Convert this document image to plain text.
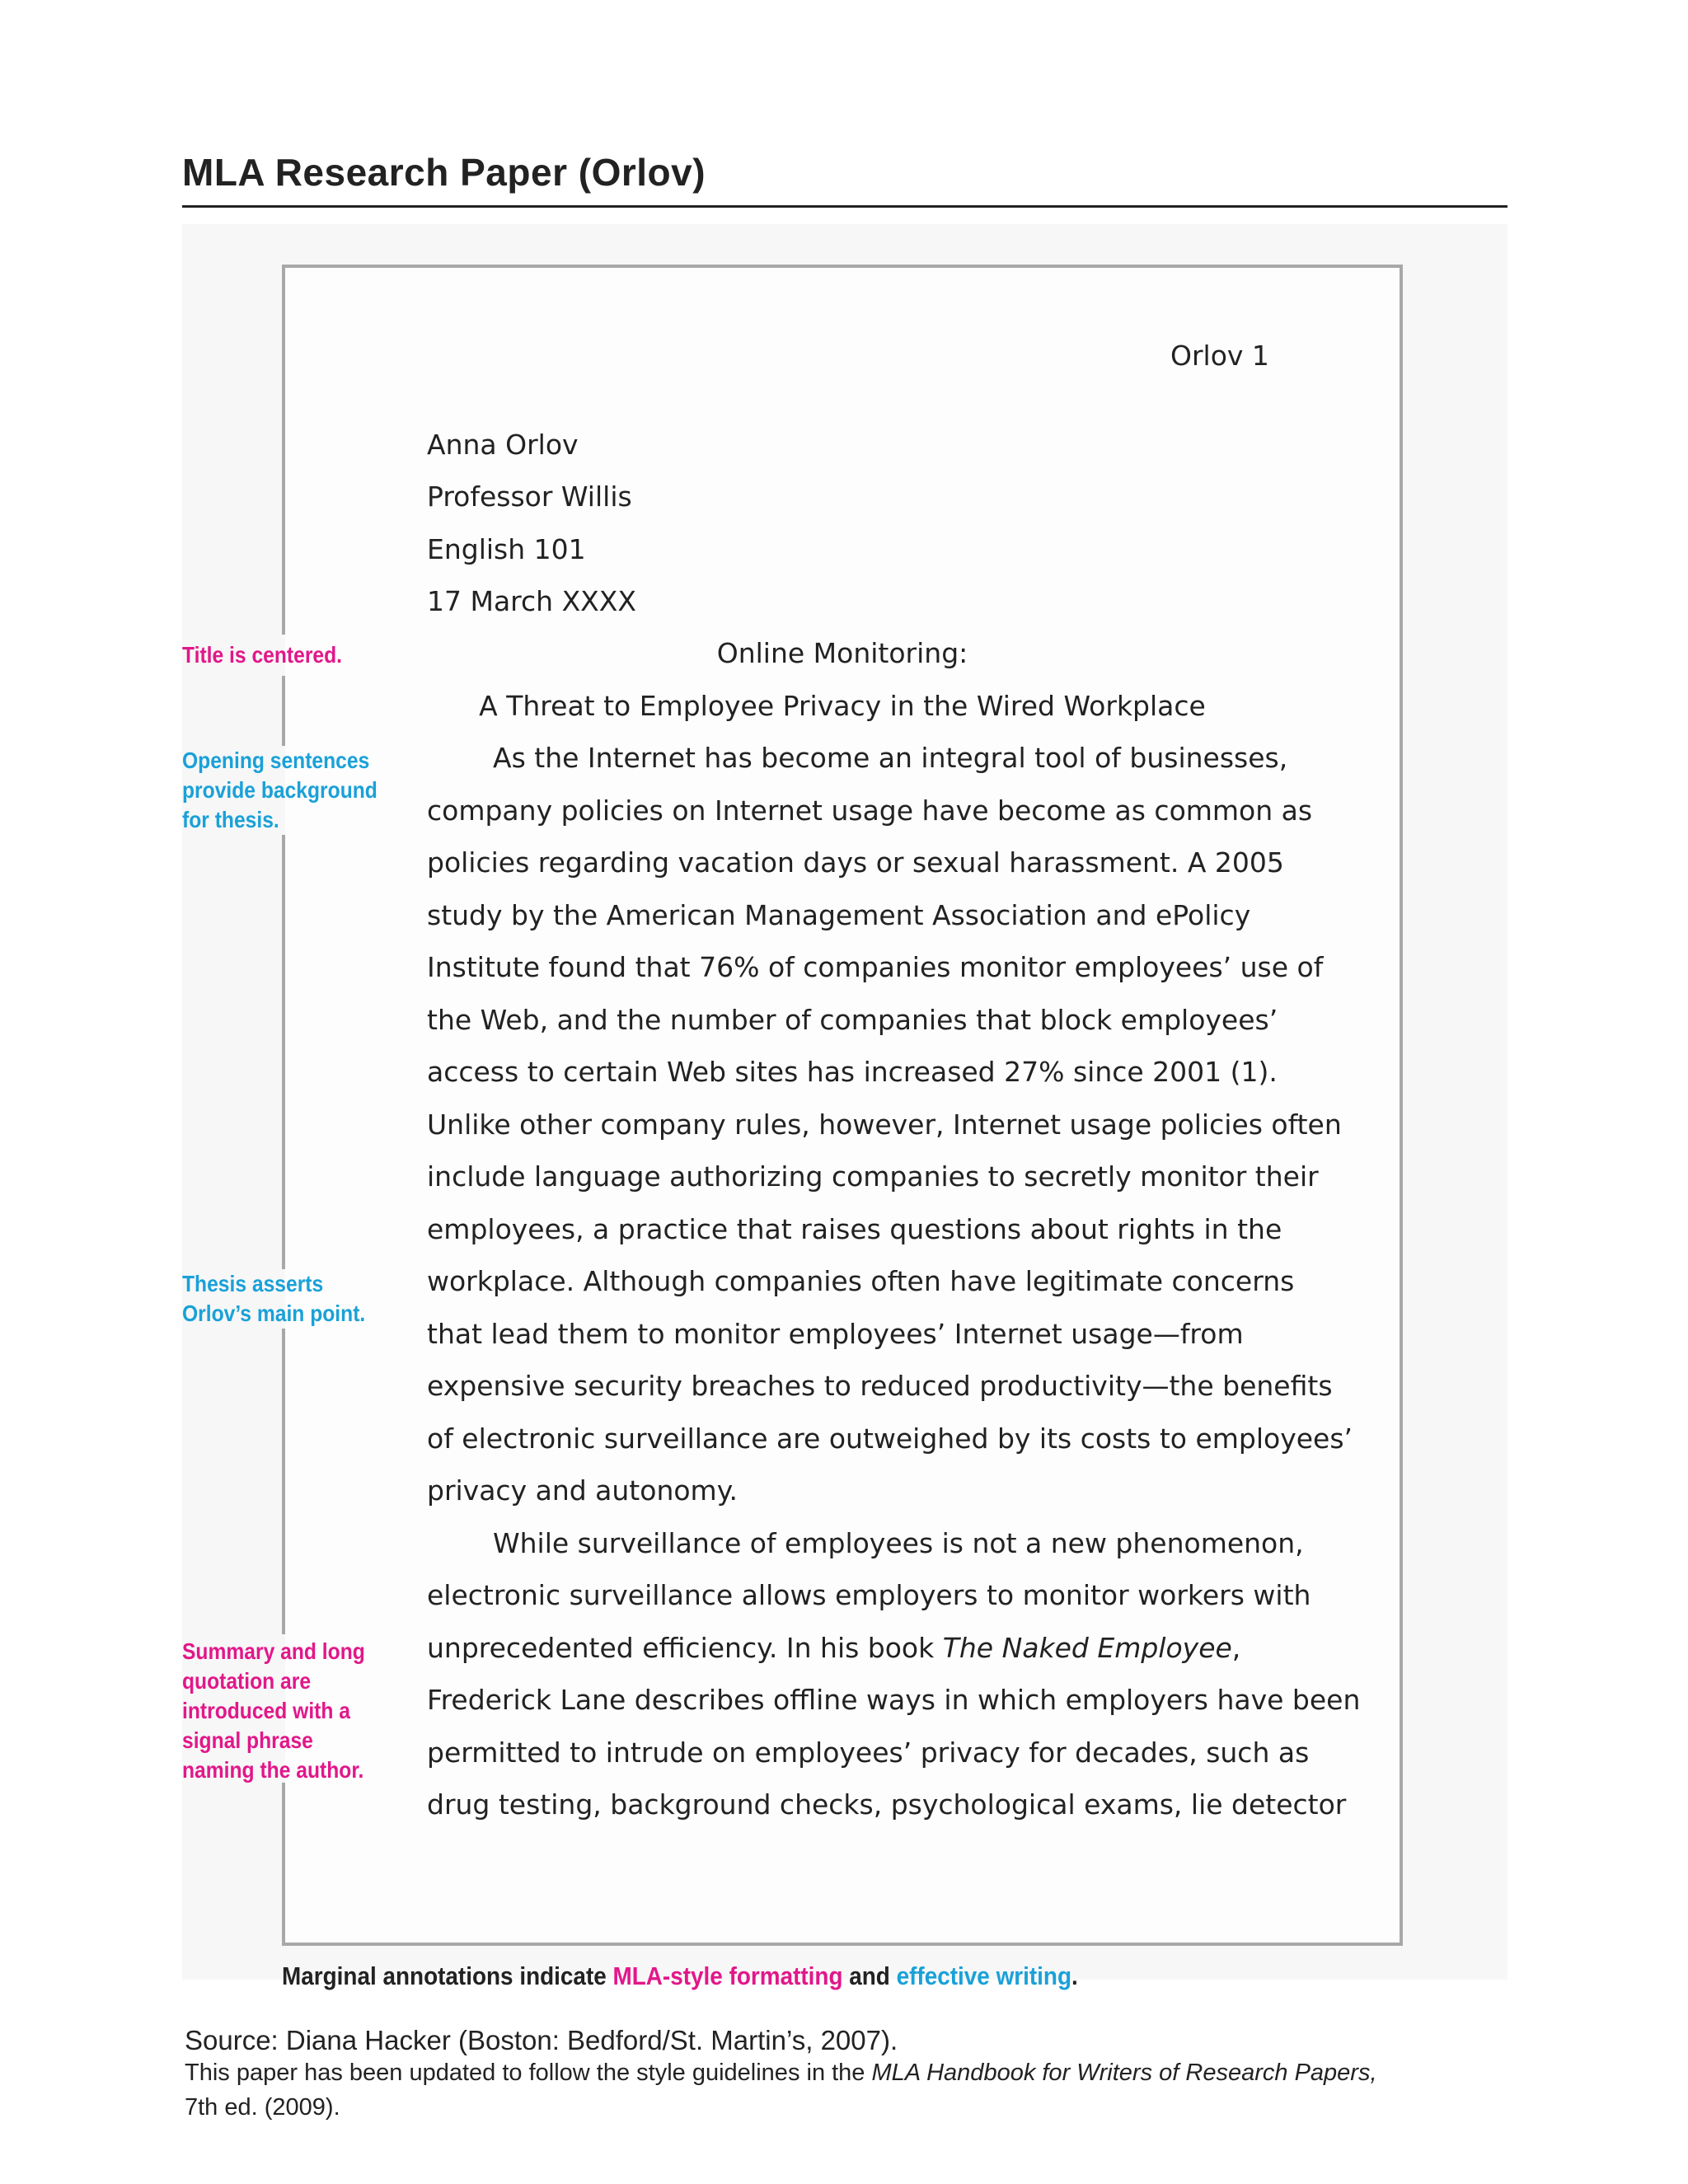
MLA Research Paper (Orlov)
Orlov 1
Anna Orlov
Professor Willis
English 101
17 March XXXX
Online Monitoring:
A Threat to Employee Privacy in the Wired Workplace
As the Internet has become an integral tool of businesses,
company policies on Internet usage have become as common as
policies regarding vacation days or sexual harassment. A 2005
study by the American Management Association and ePolicy
Institute found that 76% of companies monitor employees’ use of
the Web, and the number of companies that block employees’
access to certain Web sites has increased 27% since 2001 (1).
Unlike other company rules, however, Internet usage policies often
include language authorizing companies to secretly monitor their
employees, a practice that raises questions about rights in the
workplace. Although companies often have legitimate concerns
that lead them to monitor employees’ Internet usage—from
expensive security breaches to reduced productivity—the benefits
of electronic surveillance are outweighed by its costs to employees’
privacy and autonomy.
While surveillance of employees is not a new phenomenon,
electronic surveillance allows employers to monitor workers with
unprecedented efficiency. In his book The Naked Employee,
Frederick Lane describes offline ways in which employers have been
permitted to intrude on employees’ privacy for decades, such as
drug testing, background checks, psychological exams, lie detector
Title is centered.
Opening sentences
provide background
for thesis.
Thesis asserts
Orlov’s main point.
Summary and long
quotation are
introduced with a
signal phrase
naming the author.
Marginal annotations indicate MLA-style formatting and effective writing.
Source: Diana Hacker (Boston: Bedford/St. Martin’s, 2007).
This paper has been updated to follow the style guidelines in the MLA Handbook for Writers of Research Papers,
7th ed. (2009).
